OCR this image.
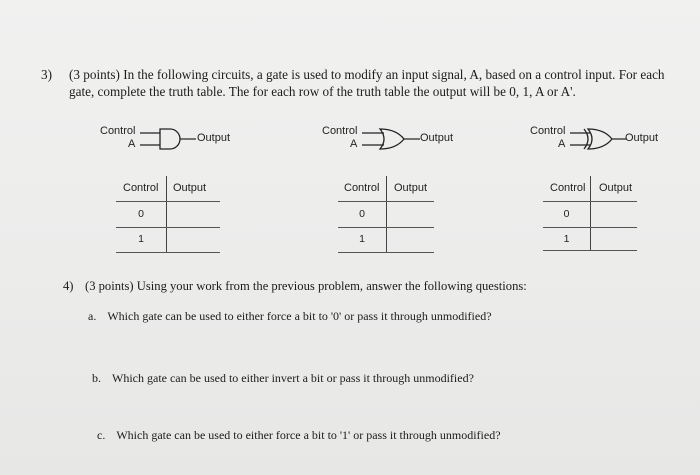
3) (3 points) In the following circuits, a gate is used to modify an input signal, A, based on a control input. For each gate, complete the truth table. The for each row of the truth table the output will be 0, 1, A or A'.
Control
A	Output
Control
A	Output
Control
A	Output
Control Output
0
1
Control Output
0
1
Control Output
0
1
4) (3 points) Using your work from the previous problem, answer the following questions:
a. Which gate can be used to either force a bit to '0' or pass it through unmodified?
b. Which gate can be used to either invert a bit or pass it through unmodified?
c. Which gate can be used to either force a bit to '1' or pass it through unmodified?
